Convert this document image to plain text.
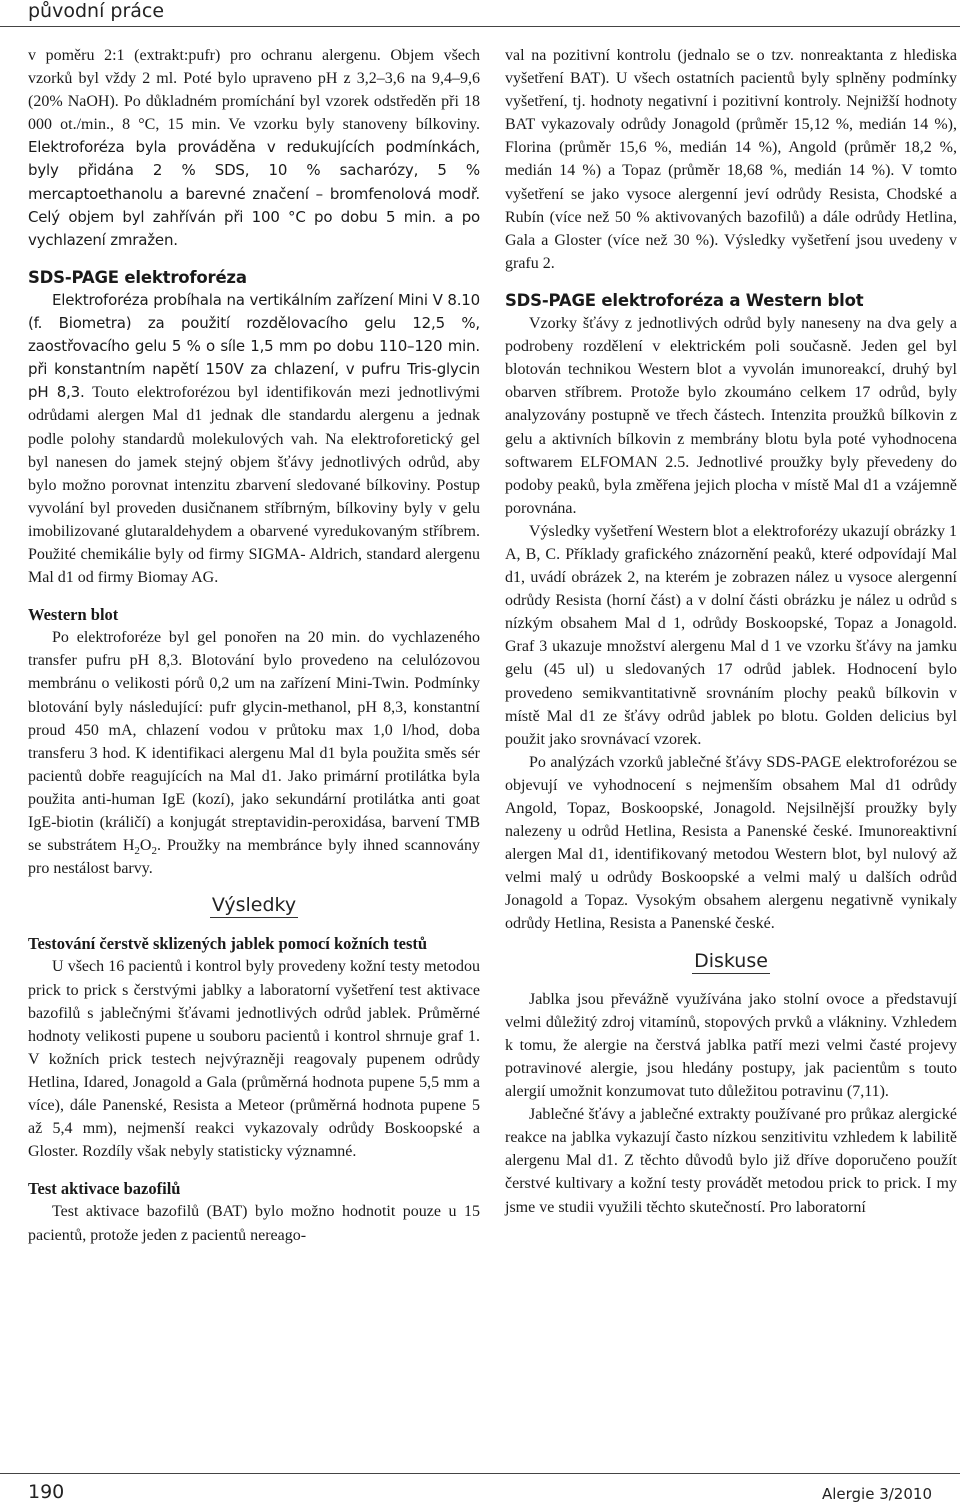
původní práce

v poměru 2:1 (extrakt:pufr) pro ochranu alergenu. Objem všech vzorků byl vždy 2 ml. Poté bylo upraveno pH z 3,2–3,6 na 9,4–9,6 (20% NaOH). Po důkladném promíchání byl vzorek odstředěn při 18 000 ot./min., 8 °C, 15 min. Ve vzorku byly stanoveny bílkoviny. Elektroforéza byla prováděna v redukujících podmínkách, byly přidána 2 % SDS, 10 % sacharózy, 5 % mercaptoethanolu a barevné značení – bromfenolová modř. Celý objem byl zahříván při 100 °C po dobu 5 min. a po vychlazení zmražen.

SDS-PAGE elektroforéza

Elektroforéza probíhala na vertikálním zařízení Mini V 8.10 (f. Biometra) za použití rozdělovacího gelu 12,5 %, zaostřovacího gelu 5 % o síle 1,5 mm po dobu 110–120 min. při konstantním napětí 150V za chlazení, v pufru Tris-glycin pH 8,3. Touto elektroforézou byl identifikován mezi jednotlivými odrůdami alergen Mal d1 jednak dle standardu alergenu a jednak podle polohy standardů molekulových vah. Na elektroforetický gel byl nanesen do jamek stejný objem šťávy jednotlivých odrůd, aby bylo možno porovnat intenzitu zbarvení sledované bílkoviny. Postup vyvolání byl proveden dusičnanem stříbrným, bílkoviny byly v gelu imobilizované glutaraldehydem a obarvené vyredukovaným stříbrem. Použité chemikálie byly od firmy SIGMA- Aldrich, standard alergenu Mal d1 od firmy Biomay AG.

Western blot

Po elektroforéze byl gel ponořen na 20 min. do vychlazeného transfer pufru pH 8,3. Blotování bylo provedeno na celulózovou membránu o velikosti pórů 0,2 um na zařízení Mini-Twin. Podmínky blotování byly následující: pufr glycin-methanol, pH 8,3, konstantní proud 450 mA, chlazení vodou v průtoku max 1,0 l/hod, doba transferu 3 hod. K identifikaci alergenu Mal d1 byla použita směs sér pacientů dobře reagujících na Mal d1. Jako primární protilátka byla použita anti-human IgE (kozí), jako sekundární protilátka anti goat IgE-biotin (králičí) a konjugát streptavidin-peroxidása, barvení TMB se substrátem $H_2O_2$. Proužky na membránce byly ihned scannovány pro nestálost barvy.

Výsledky

Testování čerstvě sklizených jablek pomocí kožních testů

U všech 16 pacientů i kontrol byly provedeny kožní testy metodou prick to prick s čerstvými jablky a laboratorní vyšetření test aktivace bazofilů s jablečnými šťávami jednotlivých odrůd jablek. Průměrné hodnoty velikosti pupene u souboru pacientů i kontrol shrnuje graf 1. V kožních prick testech nejvýrazněji reagovaly pupenem odrůdy Hetlina, Idared, Jonagold a Gala (průměrná hodnota pupene 5,5 mm a více), dále Panenské, Resista a Meteor (průměrná hodnota pupene 5 až 5,4 mm), nejmenší reakci vykazovaly odrůdy Boskoopské a Gloster. Rozdíly však nebyly statisticky významné.

Test aktivace bazofilů

Test aktivace bazofilů (BAT) bylo možno hodnotit pouze u 15 pacientů, protože jeden z pacientů nereago-

val na pozitivní kontrolu (jednalo se o tzv. nonreaktanta z hlediska vyšetření BAT). U všech ostatních pacientů byly splněny podmínky vyšetření, tj. hodnoty negativní i pozitivní kontroly. Nejnižší hodnoty BAT vykazovaly odrůdy Jonagold (průměr 15,12 %, medián 14 %), Florina (průměr 15,6 %, medián 14 %), Angold (průměr 18,2 %, medián 14 %) a Topaz (průměr 18,68 %, medián 14 %). V tomto vyšetření se jako vysoce alergenní jeví odrůdy Resista, Chodské a Rubín (více než 50 % aktivovaných bazofilů) a dále odrůdy Hetlina, Gala a Gloster (více než 30 %). Výsledky vyšetření jsou uvedeny v grafu 2.

SDS-PAGE elektroforéza a Western blot

Vzorky šťávy z jednotlivých odrůd byly naneseny na dva gely a podrobeny rozdělení v elektrickém poli současně. Jeden gel byl blotován technikou Western blot a vyvolán imunoreakcí, druhý byl obarven stříbrem. Protože bylo zkoumáno celkem 17 odrůd, byly analyzovány postupně ve třech částech. Intenzita proužků bílkovin z gelu a aktivních bílkovin z membrány blotu byla poté vyhodnocena softwarem ELFOMAN 2.5. Jednotlivé proužky byly převedeny do podoby peaků, byla změřena jejich plocha v místě Mal d1 a vzájemně porovnána.

Výsledky vyšetření Western blot a elektroforézy ukazují obrázky 1 A, B, C. Příklady grafického znázornění peaků, které odpovídají Mal d1, uvádí obrázek 2, na kterém je zobrazen nález u vysoce alergenní odrůdy Resista (horní část) a v dolní části obrázku je nález u odrůd s nízkým obsahem Mal d 1, odrůdy Boskoopské, Topaz a Jonagold. Graf 3 ukazuje množství alergenu Mal d 1 ve vzorku šťávy na jamku gelu (45 ul) u sledovaných 17 odrůd jablek. Hodnocení bylo provedeno semikvantitativně srovnáním plochy peaků bílkovin v místě Mal d1 ze šťávy odrůd jablek po blotu. Golden delicius byl použit jako srovnávací vzorek.

Po analýzách vzorků jablečné šťávy SDS-PAGE elektroforézou se objevují ve vyhodnocení s nejmenším obsahem Mal d1 odrůdy Angold, Topaz, Boskoopské, Jonagold. Nejsilnější proužky byly nalezeny u odrůd Hetlina, Resista a Panenské české. Imunoreaktivní alergen Mal d1, identifikovaný metodou Western blot, byl nulový až velmi malý u odrůdy Boskoopské a velmi malý u dalších odrůd Jonagold a Topaz. Vysokým obsahem alergenu negativně vynikaly odrůdy Hetlina, Resista a Panenské české.

Diskuse

Jablka jsou převážně využívána jako stolní ovoce a představují velmi důležitý zdroj vitamínů, stopových prvků a vlákniny. Vzhledem k tomu, že alergie na čerstvá jablka patří mezi velmi časté projevy potravinové alergie, jsou hledány postupy, jak pacientům s touto alergií umožnit konzumovat tuto důležitou potravinu (7,11).

Jablečné šťávy a jablečné extrakty používané pro průkaz alergické reakce na jablka vykazují často nízkou senzitivitu vzhledem k labilitě alergenu Mal d1. Z těchto důvodů bylo již dříve doporučeno použít čerstvé kultivary a kožní testy provádět metodou prick to prick. I my jsme ve studii využili těchto skutečností. Pro laboratorní

190	Alergie 3/2010
